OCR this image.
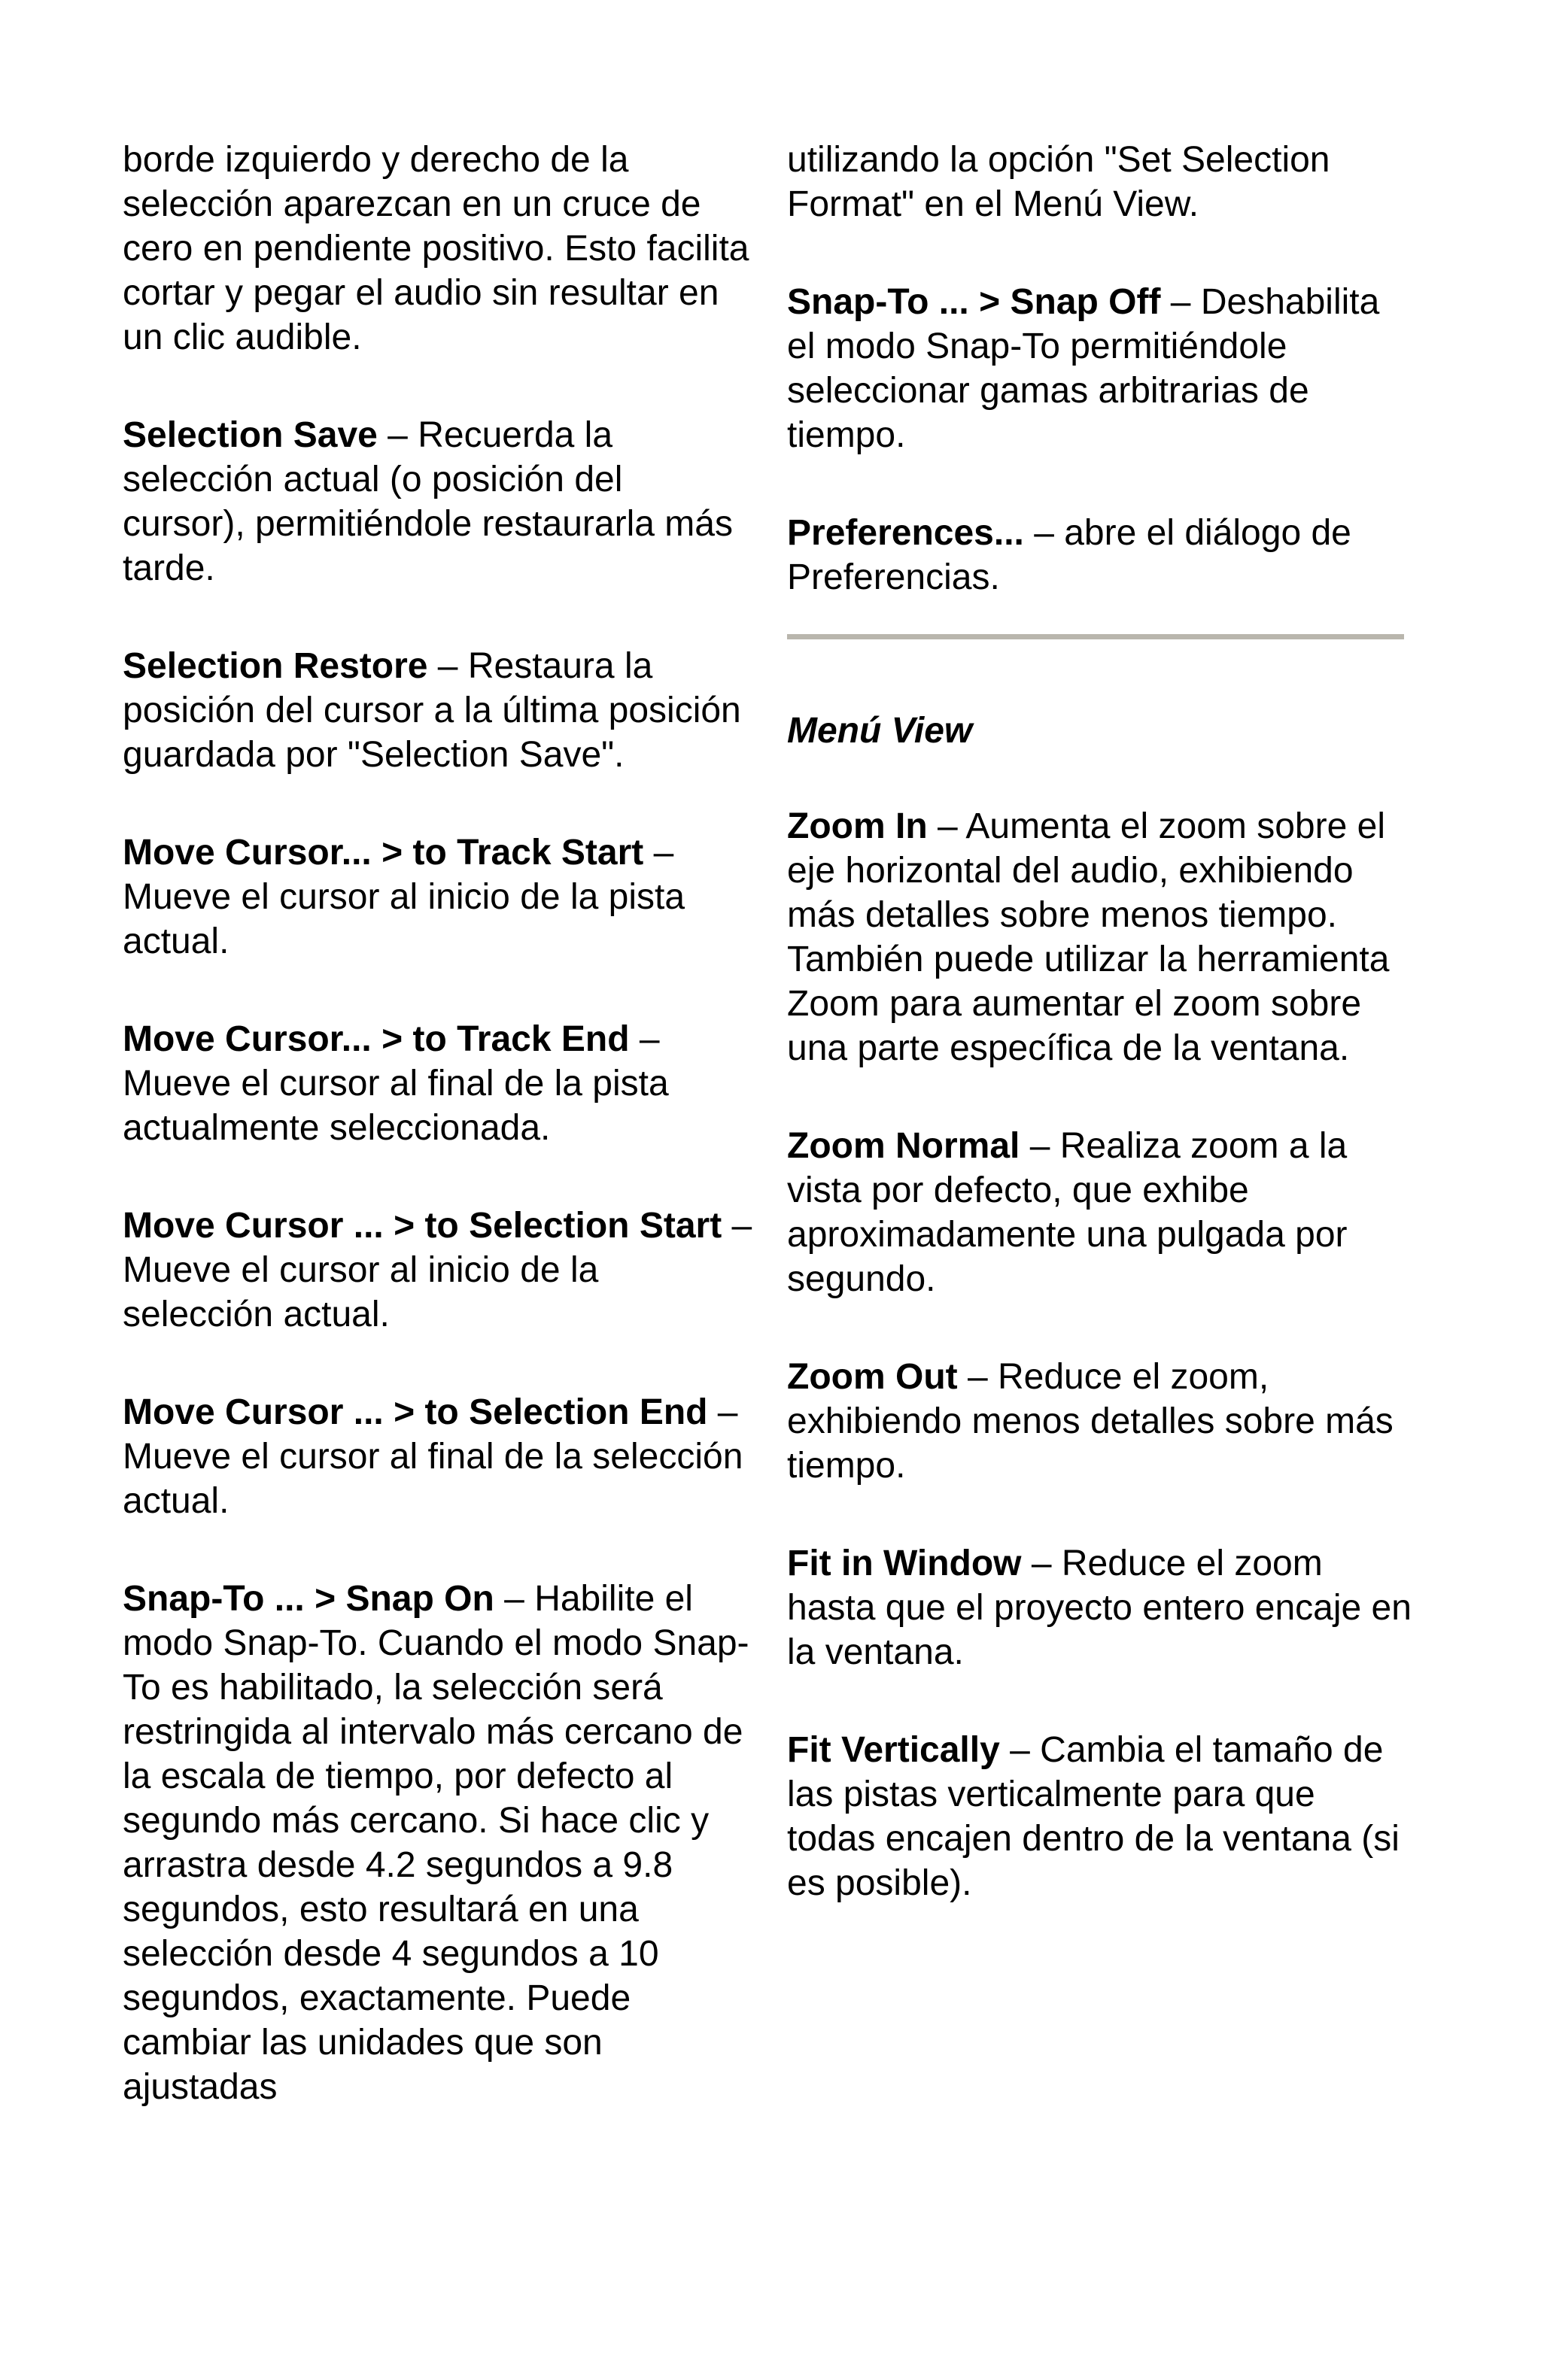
borde izquierdo y derecho de la selección aparezcan en un cruce de cero en pendiente positivo. Esto facilita cortar y pegar el audio sin resultar en un clic audible.

Selection Save – Recuerda la selección actual (o posición del cursor), permitiéndole restaurarla más tarde.

Selection Restore – Restaura la posición del cursor a la última posición guardada por "Selection Save".

Move Cursor... > to Track Start – Mueve el cursor al inicio de la pista actual.

Move Cursor... > to Track End – Mueve el cursor al final de la pista actualmente seleccionada.

Move Cursor ... > to Selection Start – Mueve el cursor al inicio de la selección actual.

Move Cursor ... > to Selection End – Mueve el cursor al final de la selección actual.

Snap-To ... > Snap On – Habilite el modo Snap-To. Cuando el modo Snap-To es habilitado, la selección será restringida al intervalo más cercano de la escala de tiempo, por defecto al segundo más cercano. Si hace clic y arrastra desde 4.2 segundos a 9.8 segundos, esto resultará en una selección desde 4 segundos a 10 segundos, exactamente. Puede cambiar las unidades que son ajustadas

utilizando la opción "Set Selection Format" en el Menú View.

Snap-To ... > Snap Off – Deshabilita el modo Snap-To permitiéndole seleccionar gamas arbitrarias de tiempo.

Preferences... – abre el diálogo de Preferencias.

Menú View

Zoom In – Aumenta el zoom sobre el eje horizontal del audio, exhibiendo más detalles sobre menos tiempo. También puede utilizar la herramienta Zoom para aumentar el zoom sobre una parte específica de la ventana.

Zoom Normal – Realiza zoom a la vista por defecto, que exhibe aproximadamente una pulgada por segundo.

Zoom Out – Reduce el zoom, exhibiendo menos detalles sobre más tiempo.

Fit in Window – Reduce el zoom hasta que el proyecto entero encaje en la ventana.

Fit Vertically – Cambia el tamaño de las pistas verticalmente para que todas encajen dentro de la ventana (si es posible).
